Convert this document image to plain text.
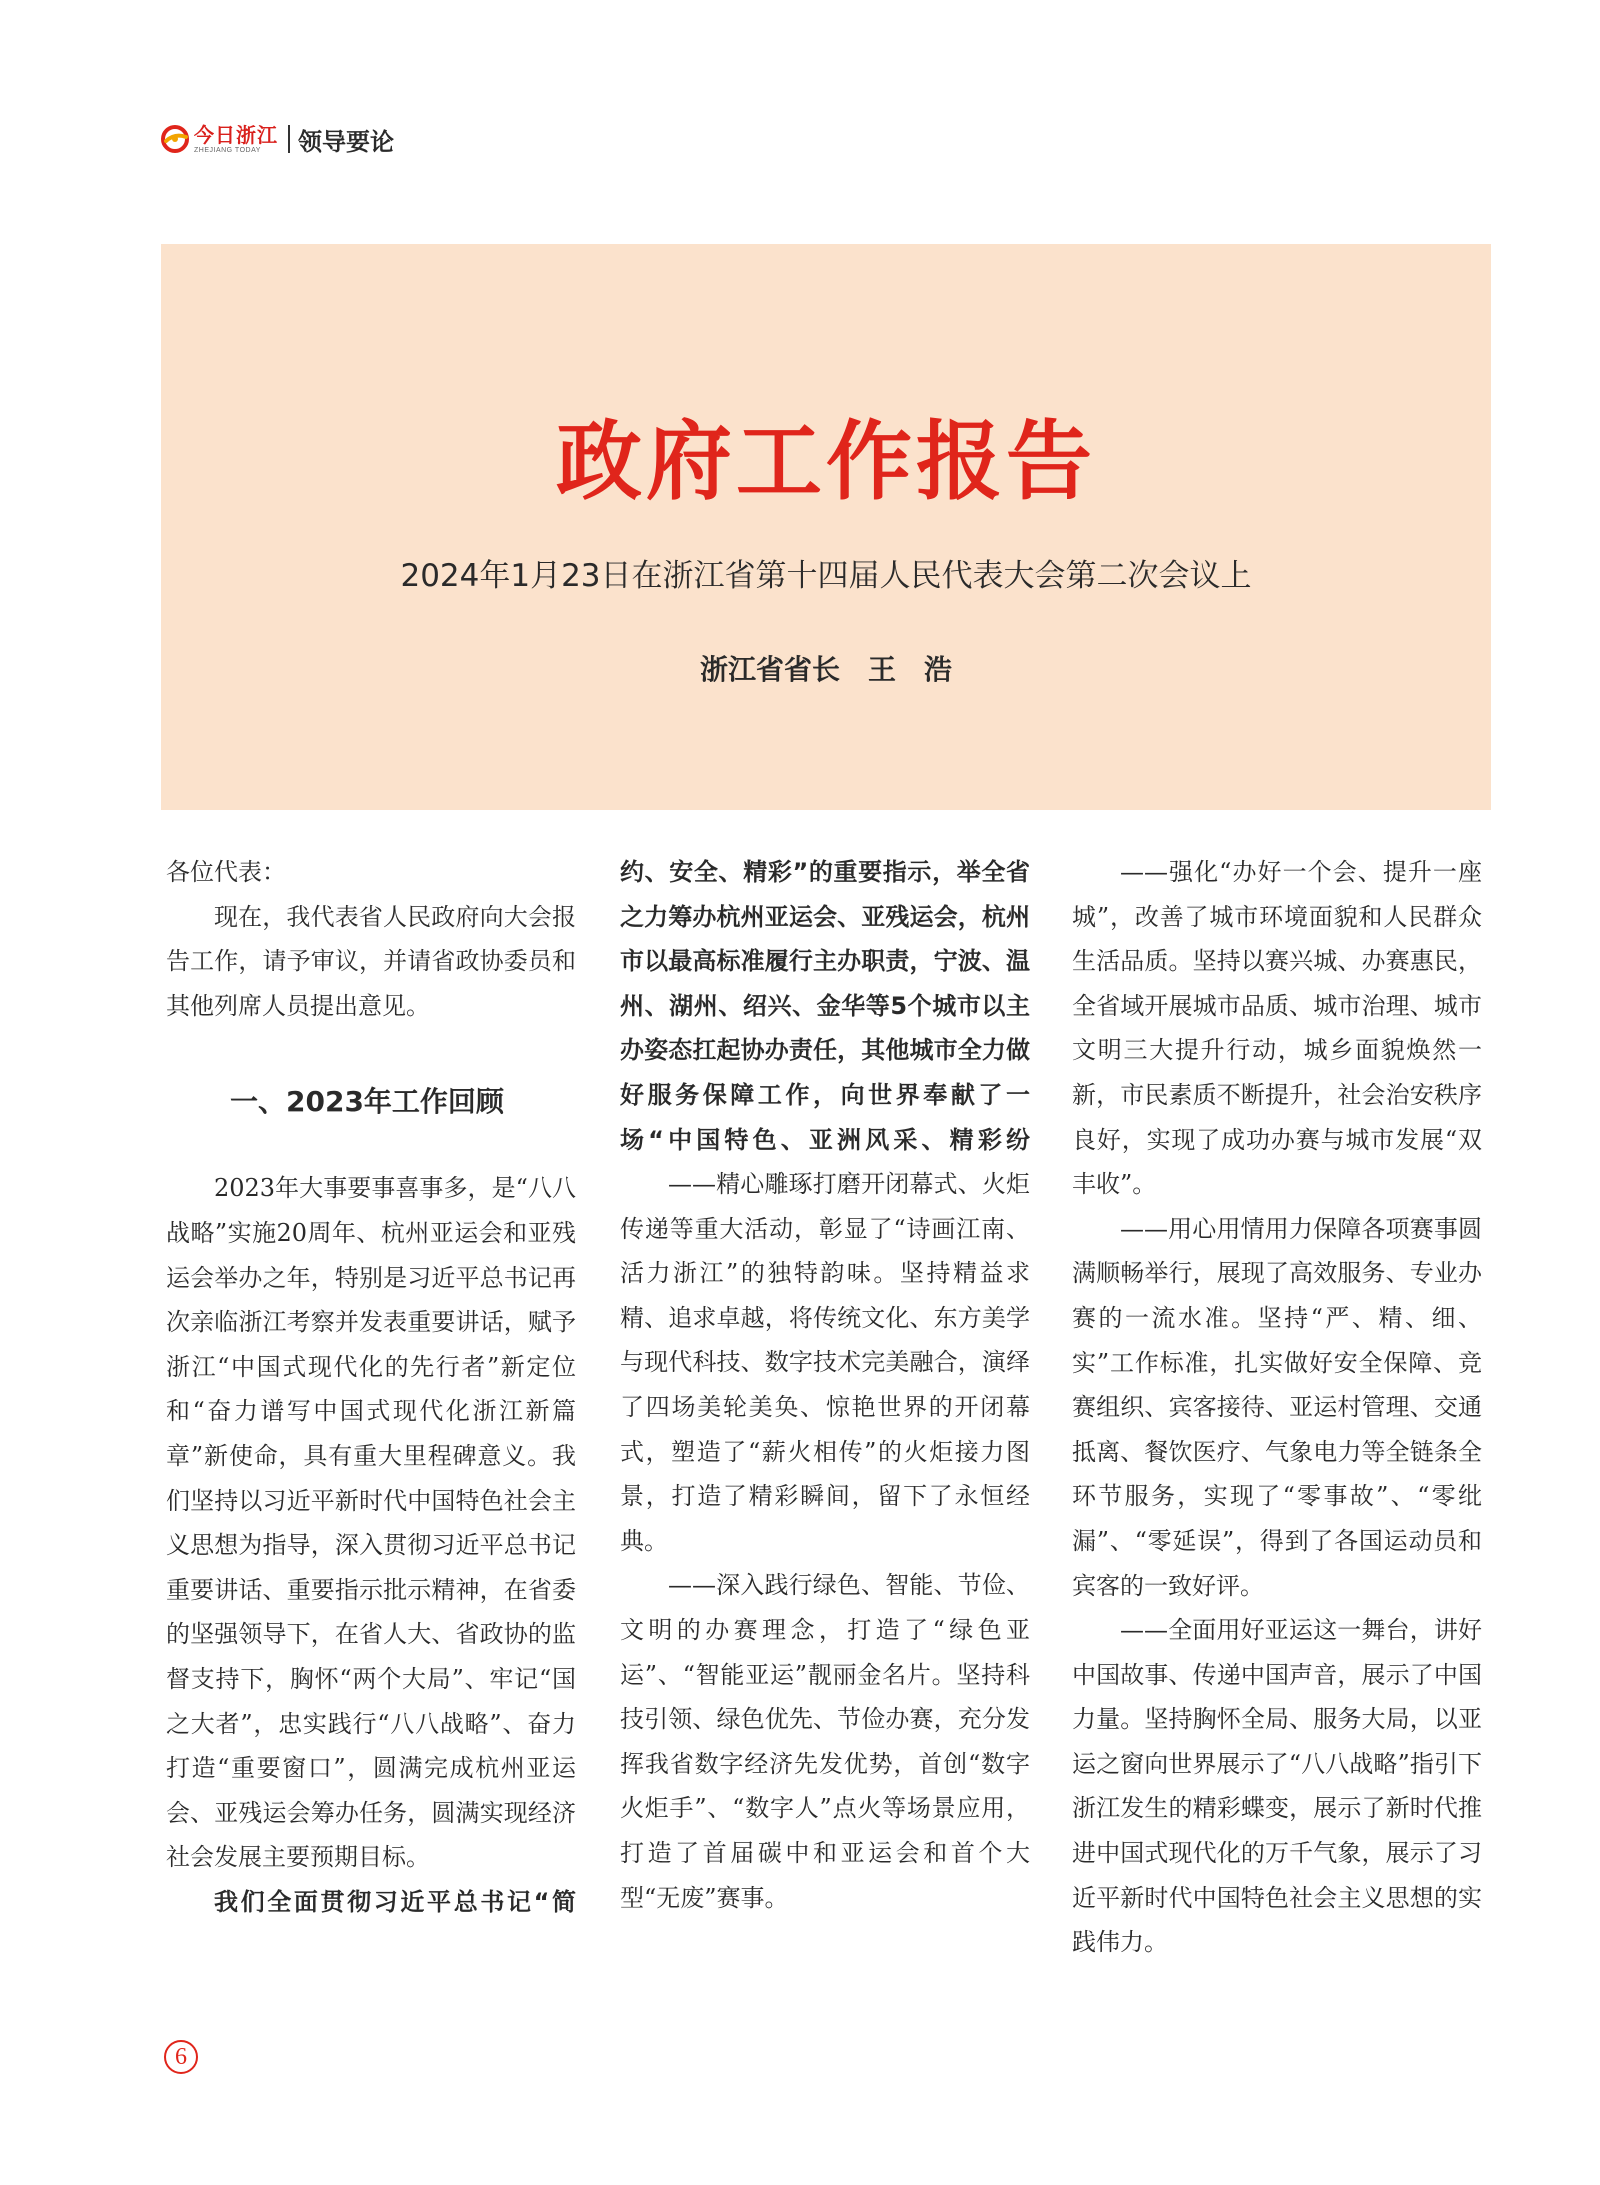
今日浙江
ZHEJIANG TODAY	领导要论
政府工作报告
2024年1月23日在浙江省第十四届人民代表大会第二次会议上
浙江省省长 王　浩

各位代表：

现在，我代表省人民政府向大会报告工作，请予审议，并请省政协委员和其他列席人员提出意见。

一、2023年工作回顾

2023年大事要事喜事多，是“八八战略”实施20周年、杭州亚运会和亚残运会举办之年，特别是习近平总书记再次亲临浙江考察并发表重要讲话，赋予浙江“中国式现代化的先行者”新定位和“奋力谱写中国式现代化浙江新篇章”新使命，具有重大里程碑意义。我们坚持以习近平新时代中国特色社会主义思想为指导，深入贯彻习近平总书记重要讲话、重要指示批示精神，在省委的坚强领导下，在省人大、省政协的监督支持下，胸怀“两个大局”、牢记“国之大者”，忠实践行“八八战略”、奋力打造“重要窗口”，圆满完成杭州亚运会、亚残运会筹办任务，圆满实现经济社会发展主要预期目标。

我们全面贯彻习近平总书记“简

约、安全、精彩”的重要指示，举全省之力筹办杭州亚运会、亚残运会，杭州市以最高标准履行主办职责，宁波、温州、湖州、绍兴、金华等5个城市以主办姿态扛起协办责任，其他城市全力做好服务保障工作，向世界奉献了一场“中国特色、亚洲风采、精彩纷

——精心雕琢打磨开闭幕式、火炬传递等重大活动，彰显了“诗画江南、活力浙江”的独特韵味。坚持精益求精、追求卓越，将传统文化、东方美学与现代科技、数字技术完美融合，演绎了四场美轮美奂、惊艳世界的开闭幕式，塑造了“薪火相传”的火炬接力图景，打造了精彩瞬间，留下了永恒经典。

——深入践行绿色、智能、节俭、文明的办赛理念，打造了“绿色亚运”、“智能亚运”靓丽金名片。坚持科技引领、绿色优先、节俭办赛，充分发挥我省数字经济先发优势，首创“数字火炬手”、“数字人”点火等场景应用，打造了首届碳中和亚运会和首个大型“无废”赛事。

——强化“办好一个会、提升一座城”，改善了城市环境面貌和人民群众生活品质。坚持以赛兴城、办赛惠民，全省域开展城市品质、城市治理、城市文明三大提升行动，城乡面貌焕然一新，市民素质不断提升，社会治安秩序良好，实现了成功办赛与城市发展“双丰收”。

——用心用情用力保障各项赛事圆满顺畅举行，展现了高效服务、专业办赛的一流水准。坚持“严、精、细、实”工作标准，扎实做好安全保障、竞赛组织、宾客接待、亚运村管理、交通抵离、餐饮医疗、气象电力等全链条全环节服务，实现了“零事故”、“零纰漏”、“零延误”，得到了各国运动员和宾客的一致好评。

——全面用好亚运这一舞台，讲好中国故事、传递中国声音，展示了中国力量。坚持胸怀全局、服务大局，以亚运之窗向世界展示了“八八战略”指引下浙江发生的精彩蝶变，展示了新时代推进中国式现代化的万千气象，展示了习近平新时代中国特色社会主义思想的实践伟力。

6
